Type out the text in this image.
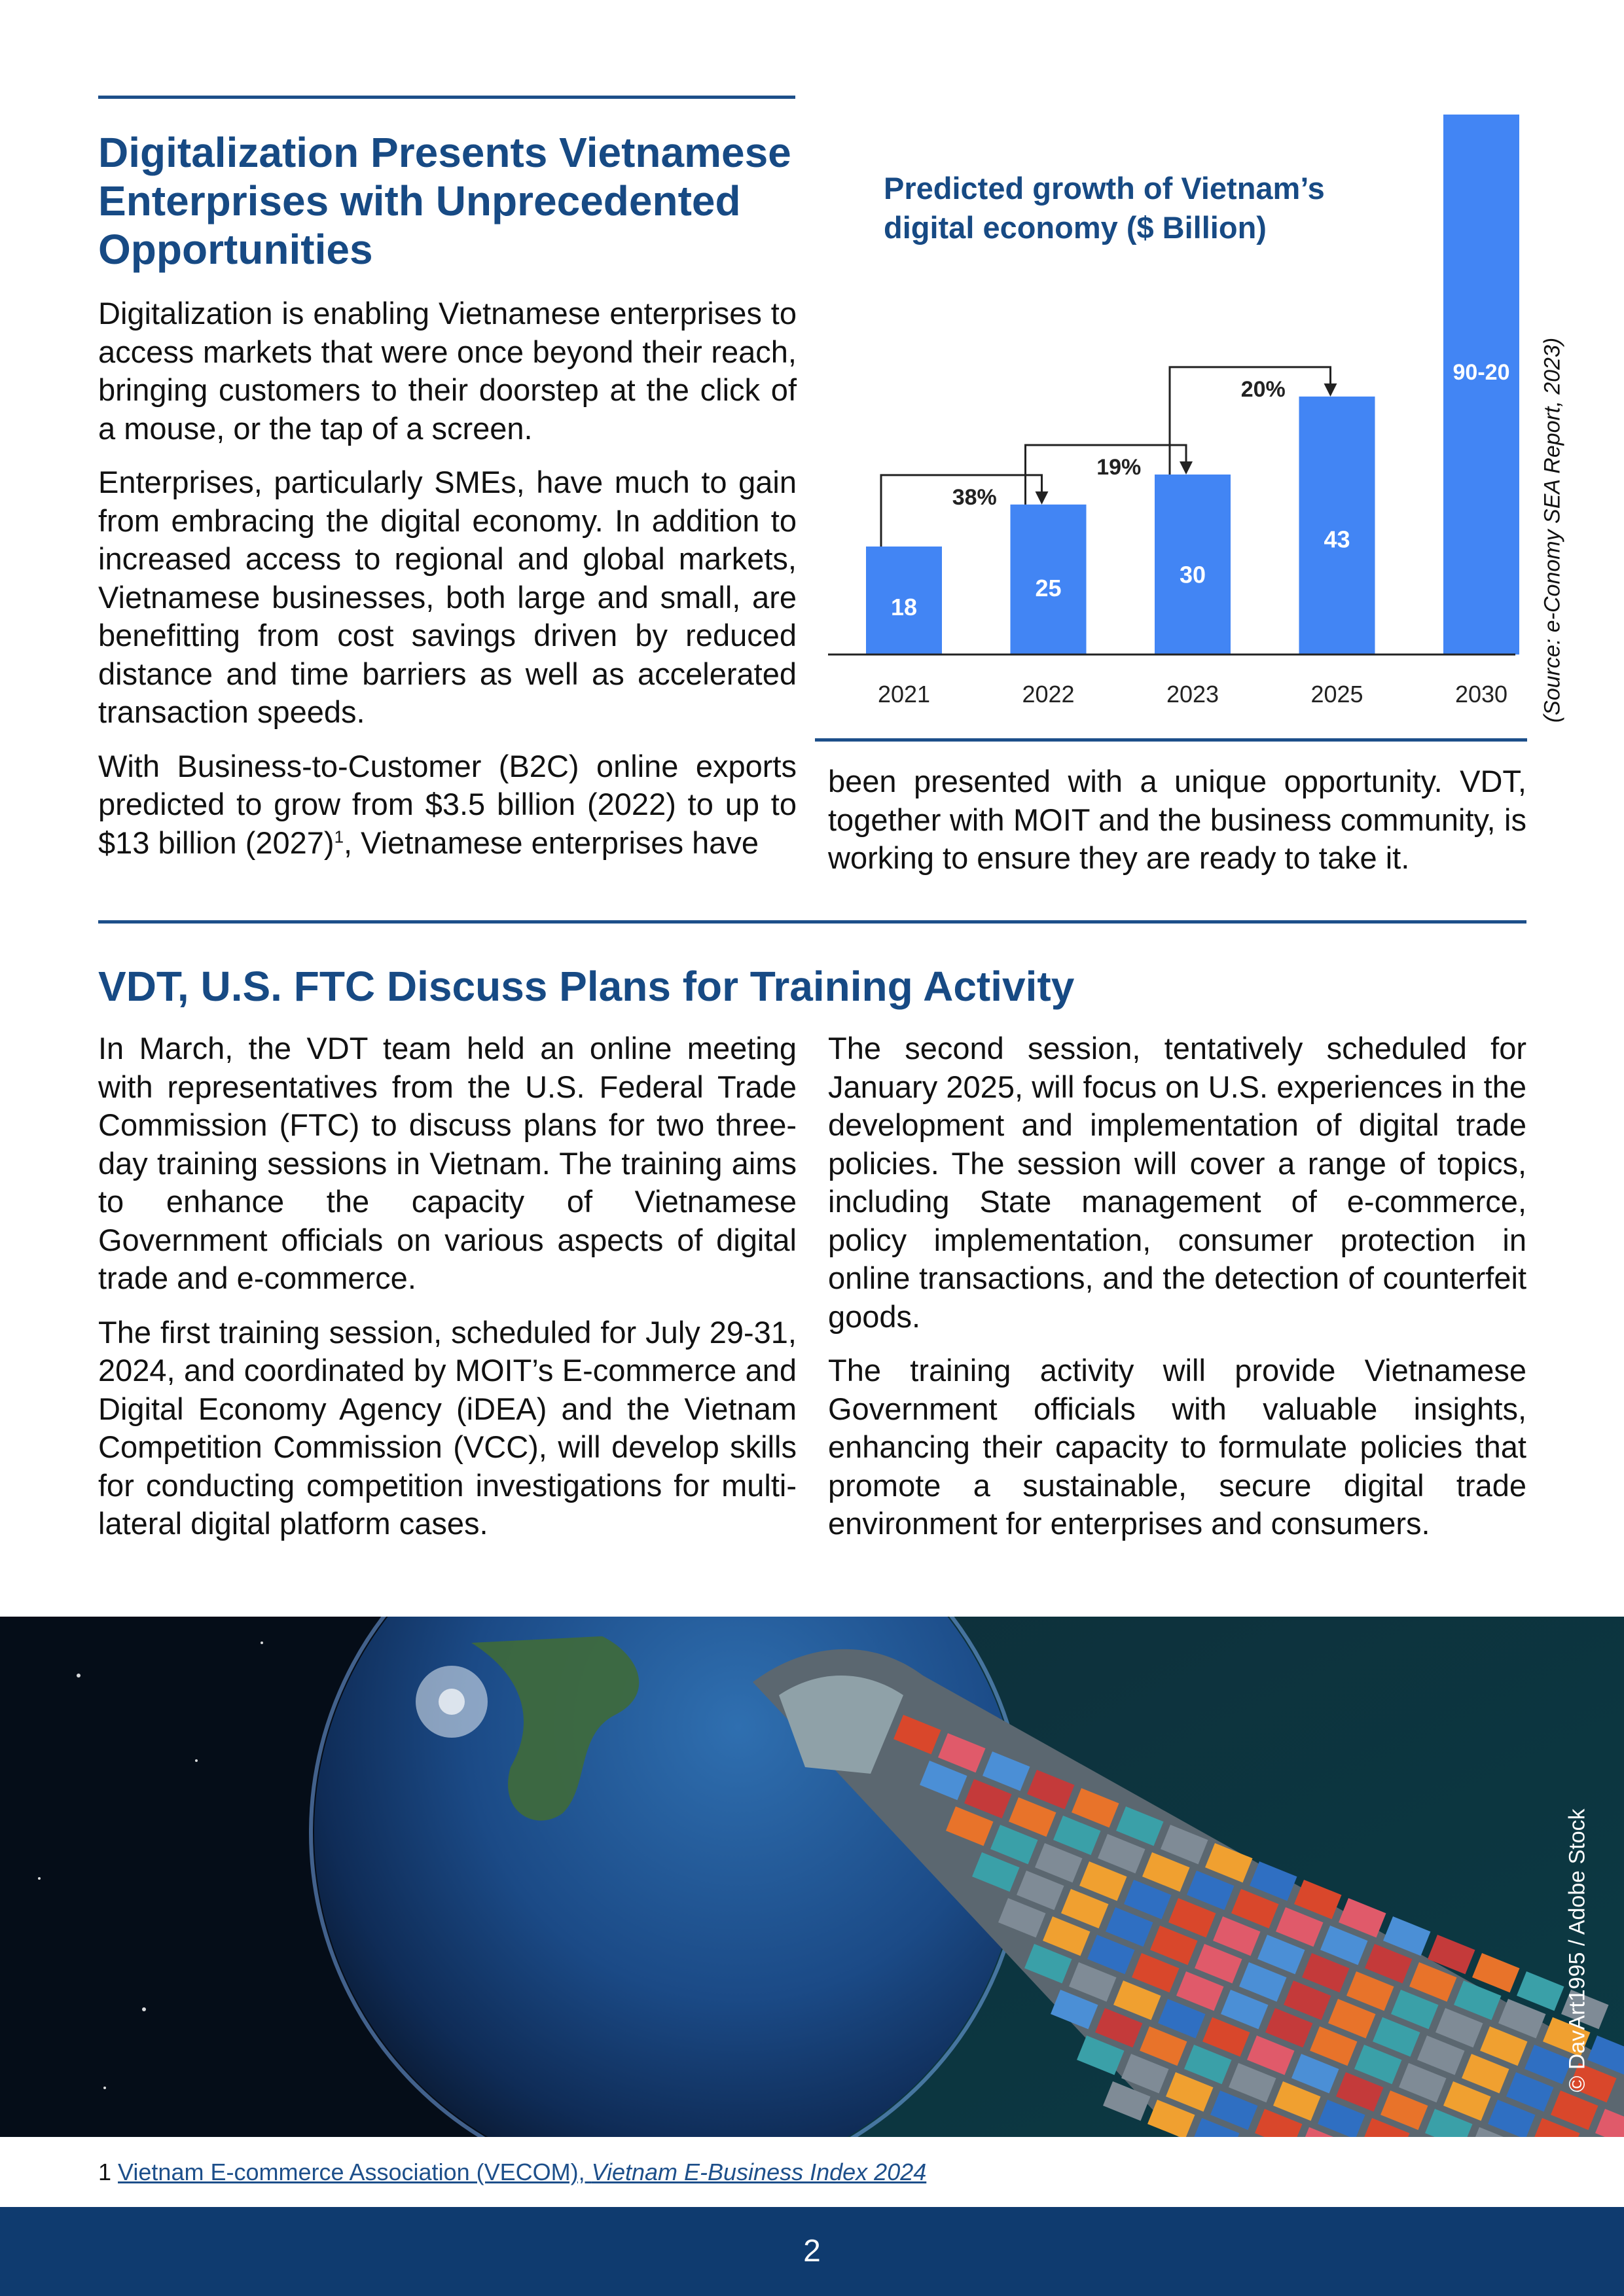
Digitalization Presents Vietnamese Enterprises with Unprecedented Opportunities

Digitalization is enabling Vietnamese enterprises to access markets that were once beyond their reach, bringing customers to their doorstep at the click of a mouse, or the tap of a screen.

Enterprises, particularly SMEs, have much to gain from embracing the digital economy. In addition to increased access to regional and global markets, Vietnamese businesses, both large and small, are benefitting from cost savings driven by reduced distance and time barriers as well as accelerated transaction speeds.

With Business-to-Customer (B2C) online exports predicted to grow from $3.5 billion (2022) to up to $13 billion $(2027)^1$, Vietnamese enterprises have

been presented with a unique opportunity. VDT, together with MOIT and the business community, is working to ensure they are ready to take it.

Predicted growth of Vietnam’s digital economy ($ Billion)
18
25
30
43
90-20
38%
19%
20%
2021	2022	2023	2025	2030 (Source: e-Conomy SEA Report, 2023)
VDT, U.S. FTC Discuss Plans for Training Activity

In March, the VDT team held an online meeting with representatives from the U.S. Federal Trade Commission (FTC) to discuss plans for two three-day training sessions in Vietnam. The training aims to enhance the capacity of Vietnamese Government officials on various aspects of digital trade and e-commerce.

The first training session, scheduled for July 29-31, 2024, and coordinated by MOIT’s E-commerce and Digital Economy Agency (iDEA) and the Vietnam Competition Commission (VCC), will develop skills for conducting competition investigations for multi-lateral digital platform cases.

The second session, tentatively scheduled for January 2025, will focus on U.S. experiences in the development and implementation of digital trade policies. The session will cover a range of topics, including State management of e-commerce, policy implementation, consumer protection in online transactions, and the detection of counterfeit goods.

The training activity will provide Vietnamese Government officials with valuable insights, enhancing their capacity to formulate policies that promote a sustainable, secure digital trade environment for enterprises and consumers.

© DavArt1995 / Adobe Stock
1 Vietnam E-commerce Association (VECOM), Vietnam E-Business Index 2024
2
